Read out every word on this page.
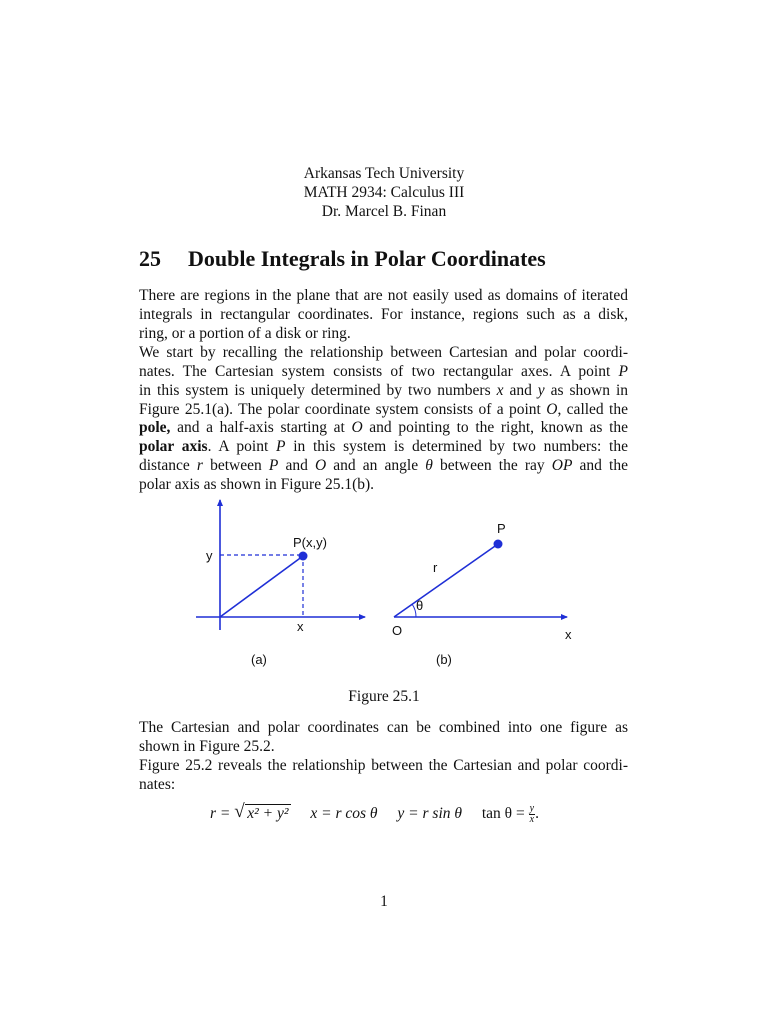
Arkansas Tech University
MATH 2934: Calculus III
Dr. Marcel B. Finan
25 Double Integrals in Polar Coordinates

There are regions in the plane that are not easily used as domains of iterated
integrals in rectangular coordinates. For instance, regions such as a disk,
ring, or a portion of a disk or ring.

We start by recalling the relationship between Cartesian and polar coordi-
nates. The Cartesian system consists of two rectangular axes. A point P
in this system is uniquely determined by two numbers x and y as shown in
Figure 25.1(a). The polar coordinate system consists of a point O, called the
pole, and a half-axis starting at O and pointing to the right, known as the
polar axis. A point P in this system is determined by two numbers: the
distance r between P and O and an angle θ between the ray OP and the
polar axis as shown in Figure 25.1(b).

P(x,y)
y
x
(a)
P
r
θ
O	x
(b)
Figure 25.1

The Cartesian and polar coordinates can be combined into one figure as
shown in Figure 25.2.

Figure 25.2 reveals the relationship between the Cartesian and polar coordi-
nates:

r = √ x² + y² x = r cos θ y = r sin θ $\tan \theta = \frac{y}{x}$ .
1
